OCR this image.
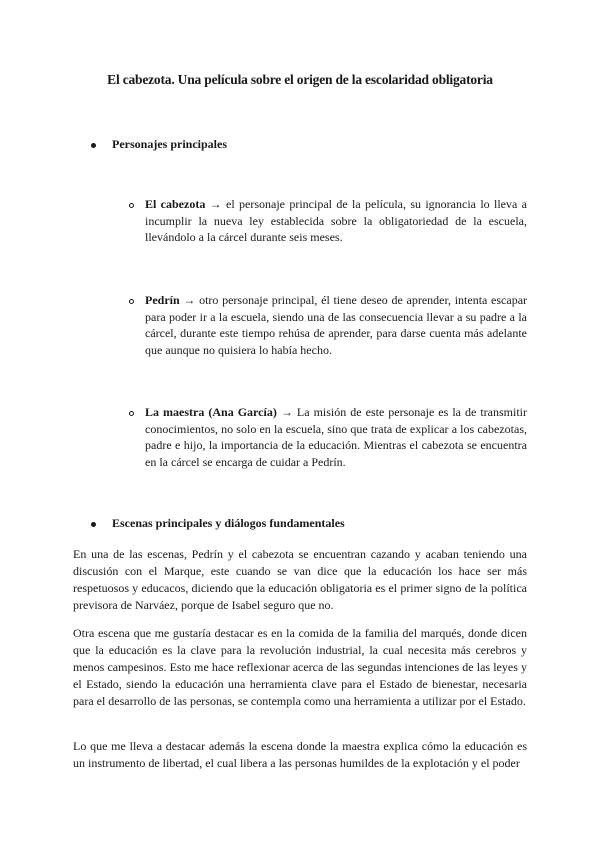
El cabezota. Una película sobre el origen de la escolaridad obligatoria
Personajes principales
El cabezota → el personaje principal de la película, su ignorancia lo lleva a incumplir la nueva ley establecida sobre la obligatoriedad de la escuela, llevándolo a la cárcel durante seis meses.
Pedrín → otro personaje principal, él tiene deseo de aprender, intenta escapar para poder ir a la escuela, siendo una de las consecuencia llevar a su padre a la cárcel, durante este tiempo rehúsa de aprender, para darse cuenta más adelante que aunque no quisiera lo había hecho.
La maestra (Ana García) → La misión de este personaje es la de transmitir conocimientos, no solo en la escuela, sino que trata de explicar a los cabezotas, padre e hijo, la importancia de la educación. Mientras el cabezota se encuentra en la cárcel se encarga de cuidar a Pedrín.
Escenas principales y diálogos fundamentales
En una de las escenas, Pedrín y el cabezota se encuentran cazando y acaban teniendo una discusión con el Marque, este cuando se van dice que la educación los hace ser más respetuosos y educacos, diciendo que la educación obligatoria es el primer signo de la política previsora de Narváez, porque de Isabel seguro que no.
Otra escena que me gustaría destacar es en la comida de la familia del marqués, donde dicen que la educación es la clave para la revolución industrial, la cual necesita más cerebros y menos campesinos. Esto me hace reflexionar acerca de las segundas intenciones de las leyes y el Estado, siendo la educación una herramienta clave para el Estado de bienestar, necesaria para el desarrollo de las personas, se contempla como una herramienta a utilizar por el Estado.
Lo que me lleva a destacar además la escena donde la maestra explica cómo la educación es un instrumento de libertad, el cual libera a las personas humildes de la explotación y el poder
